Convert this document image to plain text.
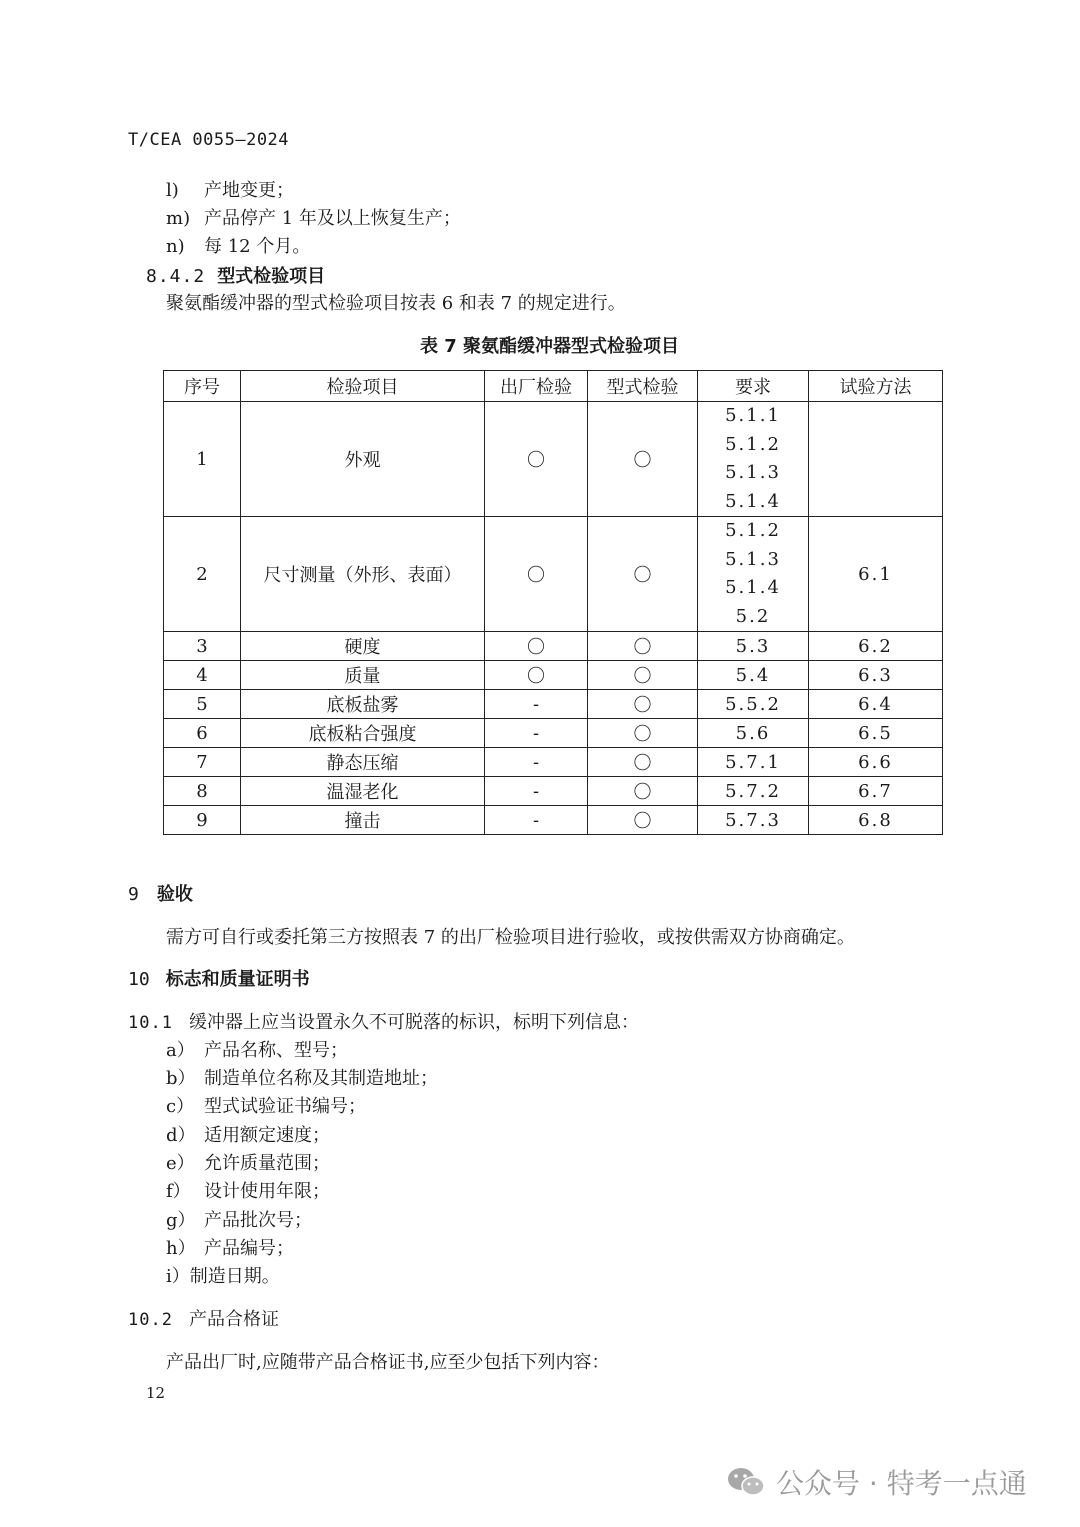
T/CEA 0055—2024
l) 产地变更；
m) 产品停产 1 年及以上恢复生产；
n) 每 12 个月。
8.4.2 型式检验项目
聚氨酯缓冲器的型式检验项目按表 6 和表 7 的规定进行。
表 7 聚氨酯缓冲器型式检验项目
序号	检验项目	出厂检验	型式检验	要求	试验方法
1	外观	〇	〇	5.1.1
5.1.2
5.1.3
5.1.4	

2	尺寸测量（外形、表面）	〇	〇	5.1.2
5.1.3
5.1.4
5.2	6.1
3	硬度	〇	〇	5.3	6.2
4	质量	〇	〇	5.4	6.3
5	底板盐雾	-	〇	5.5.2	6.4
6	底板粘合强度	-	〇	5.6	6.5
7	静态压缩	-	〇	5.7.1	6.6
8	温湿老化	-	〇	5.7.2	6.7
9	撞击	-	〇	5.7.3	6.8
9 验收
需方可自行或委托第三方按照表 7 的出厂检验项目进行验收，或按供需双方协商确定。
10 标志和质量证明书
10.1 缓冲器上应当设置永久不可脱落的标识，标明下列信息：
a） 产品名称、型号；
b） 制造单位名称及其制造地址；
c） 型式试验证书编号；
d） 适用额定速度；
e） 允许质量范围；
f） 设计使用年限；
g） 产品批次号；
h） 产品编号；
i）制造日期。
10.2 产品合格证
产品出厂时,应随带产品合格证书,应至少包括下列内容：
12
公众号 · 特考一点通
